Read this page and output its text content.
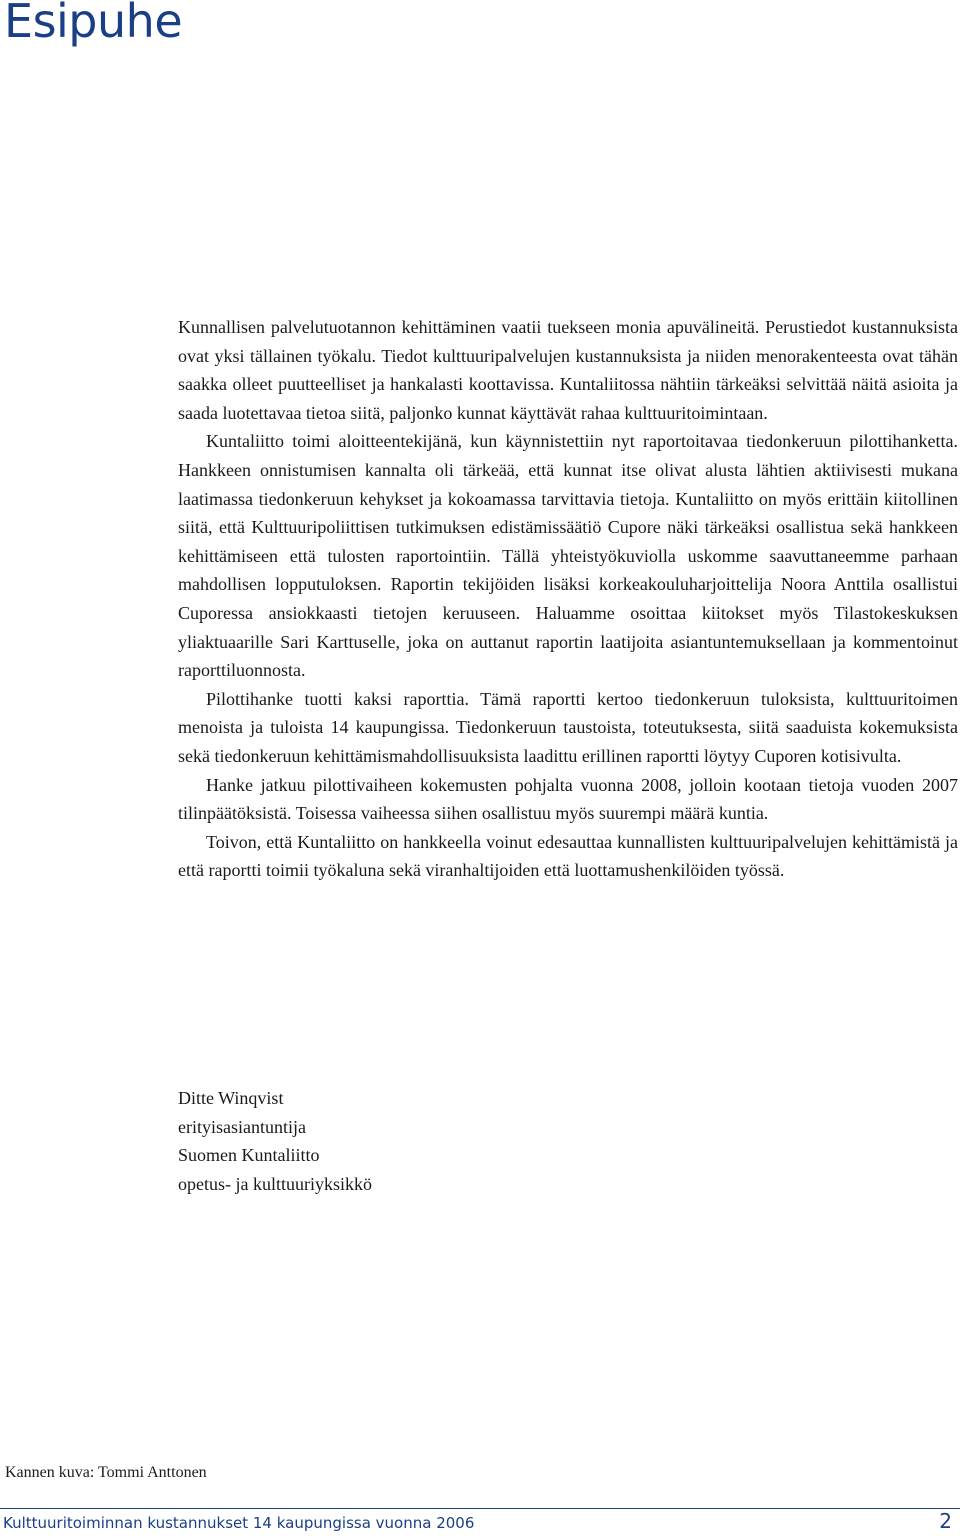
Esipuhe

Kunnallisen palvelutuotannon kehittäminen vaatii tuekseen monia apuvälineitä. Perustiedot kustannuksista ovat yksi tällainen työkalu. Tiedot kulttuuripalvelujen kustannuksista ja niiden menorakenteesta ovat tähän saakka olleet puutteelliset ja hankalasti koottavissa. Kuntaliitossa nähtiin tärkeäksi selvittää näitä asioita ja saada luotettavaa tietoa siitä, paljonko kunnat käyttävät rahaa kulttuuritoimintaan.

Kuntaliitto toimi aloitteentekijänä, kun käynnistettiin nyt raportoitavaa tiedonkeruun pilottihanketta. Hankkeen onnistumisen kannalta oli tärkeää, että kunnat itse olivat alusta lähtien aktiivisesti mukana laatimassa tiedonkeruun kehykset ja kokoamassa tarvittavia tietoja. Kuntaliitto on myös erittäin kiitollinen siitä, että Kulttuuripoliittisen tutkimuksen edistämissäätiö Cupore näki tärkeäksi osallistua sekä hankkeen kehittämiseen että tulosten raportointiin. Tällä yhteistyökuviolla uskomme saavuttaneemme parhaan mahdollisen lopputuloksen. Raportin tekijöiden lisäksi korkeakouluharjoittelija Noora Anttila osallistui Cuporessa ansiokkaasti tietojen keruuseen. Haluamme osoittaa kiitokset myös Tilastokeskuksen yliaktuaarille Sari Karttuselle, joka on auttanut raportin laatijoita asiantuntemuksellaan ja kommentoinut raporttiluonnosta.

Pilottihanke tuotti kaksi raporttia. Tämä raportti kertoo tiedonkeruun tuloksista, kulttuuritoimen menoista ja tuloista 14 kaupungissa. Tiedonkeruun taustoista, toteutuksesta, siitä saaduista kokemuksista sekä tiedonkeruun kehittämismahdollisuuksista laadittu erillinen raportti löytyy Cuporen kotisivulta.

Hanke jatkuu pilottivaiheen kokemusten pohjalta vuonna 2008, jolloin kootaan tietoja vuoden 2007 tilinpäätöksistä. Toisessa vaiheessa siihen osallistuu myös suurempi määrä kuntia.

Toivon, että Kuntaliitto on hankkeella voinut edesauttaa kunnallisten kulttuuripalvelujen kehittämistä ja että raportti toimii työkaluna sekä viranhaltijoiden että luottamushenkilöiden työssä.

Ditte Winqvist
erityisasiantuntija
Suomen Kuntaliitto
opetus- ja kulttuuriyksikkö
Kannen kuva: Tommi Anttonen
Kulttuuritoiminnan kustannukset 14 kaupungissa vuonna 2006	2
